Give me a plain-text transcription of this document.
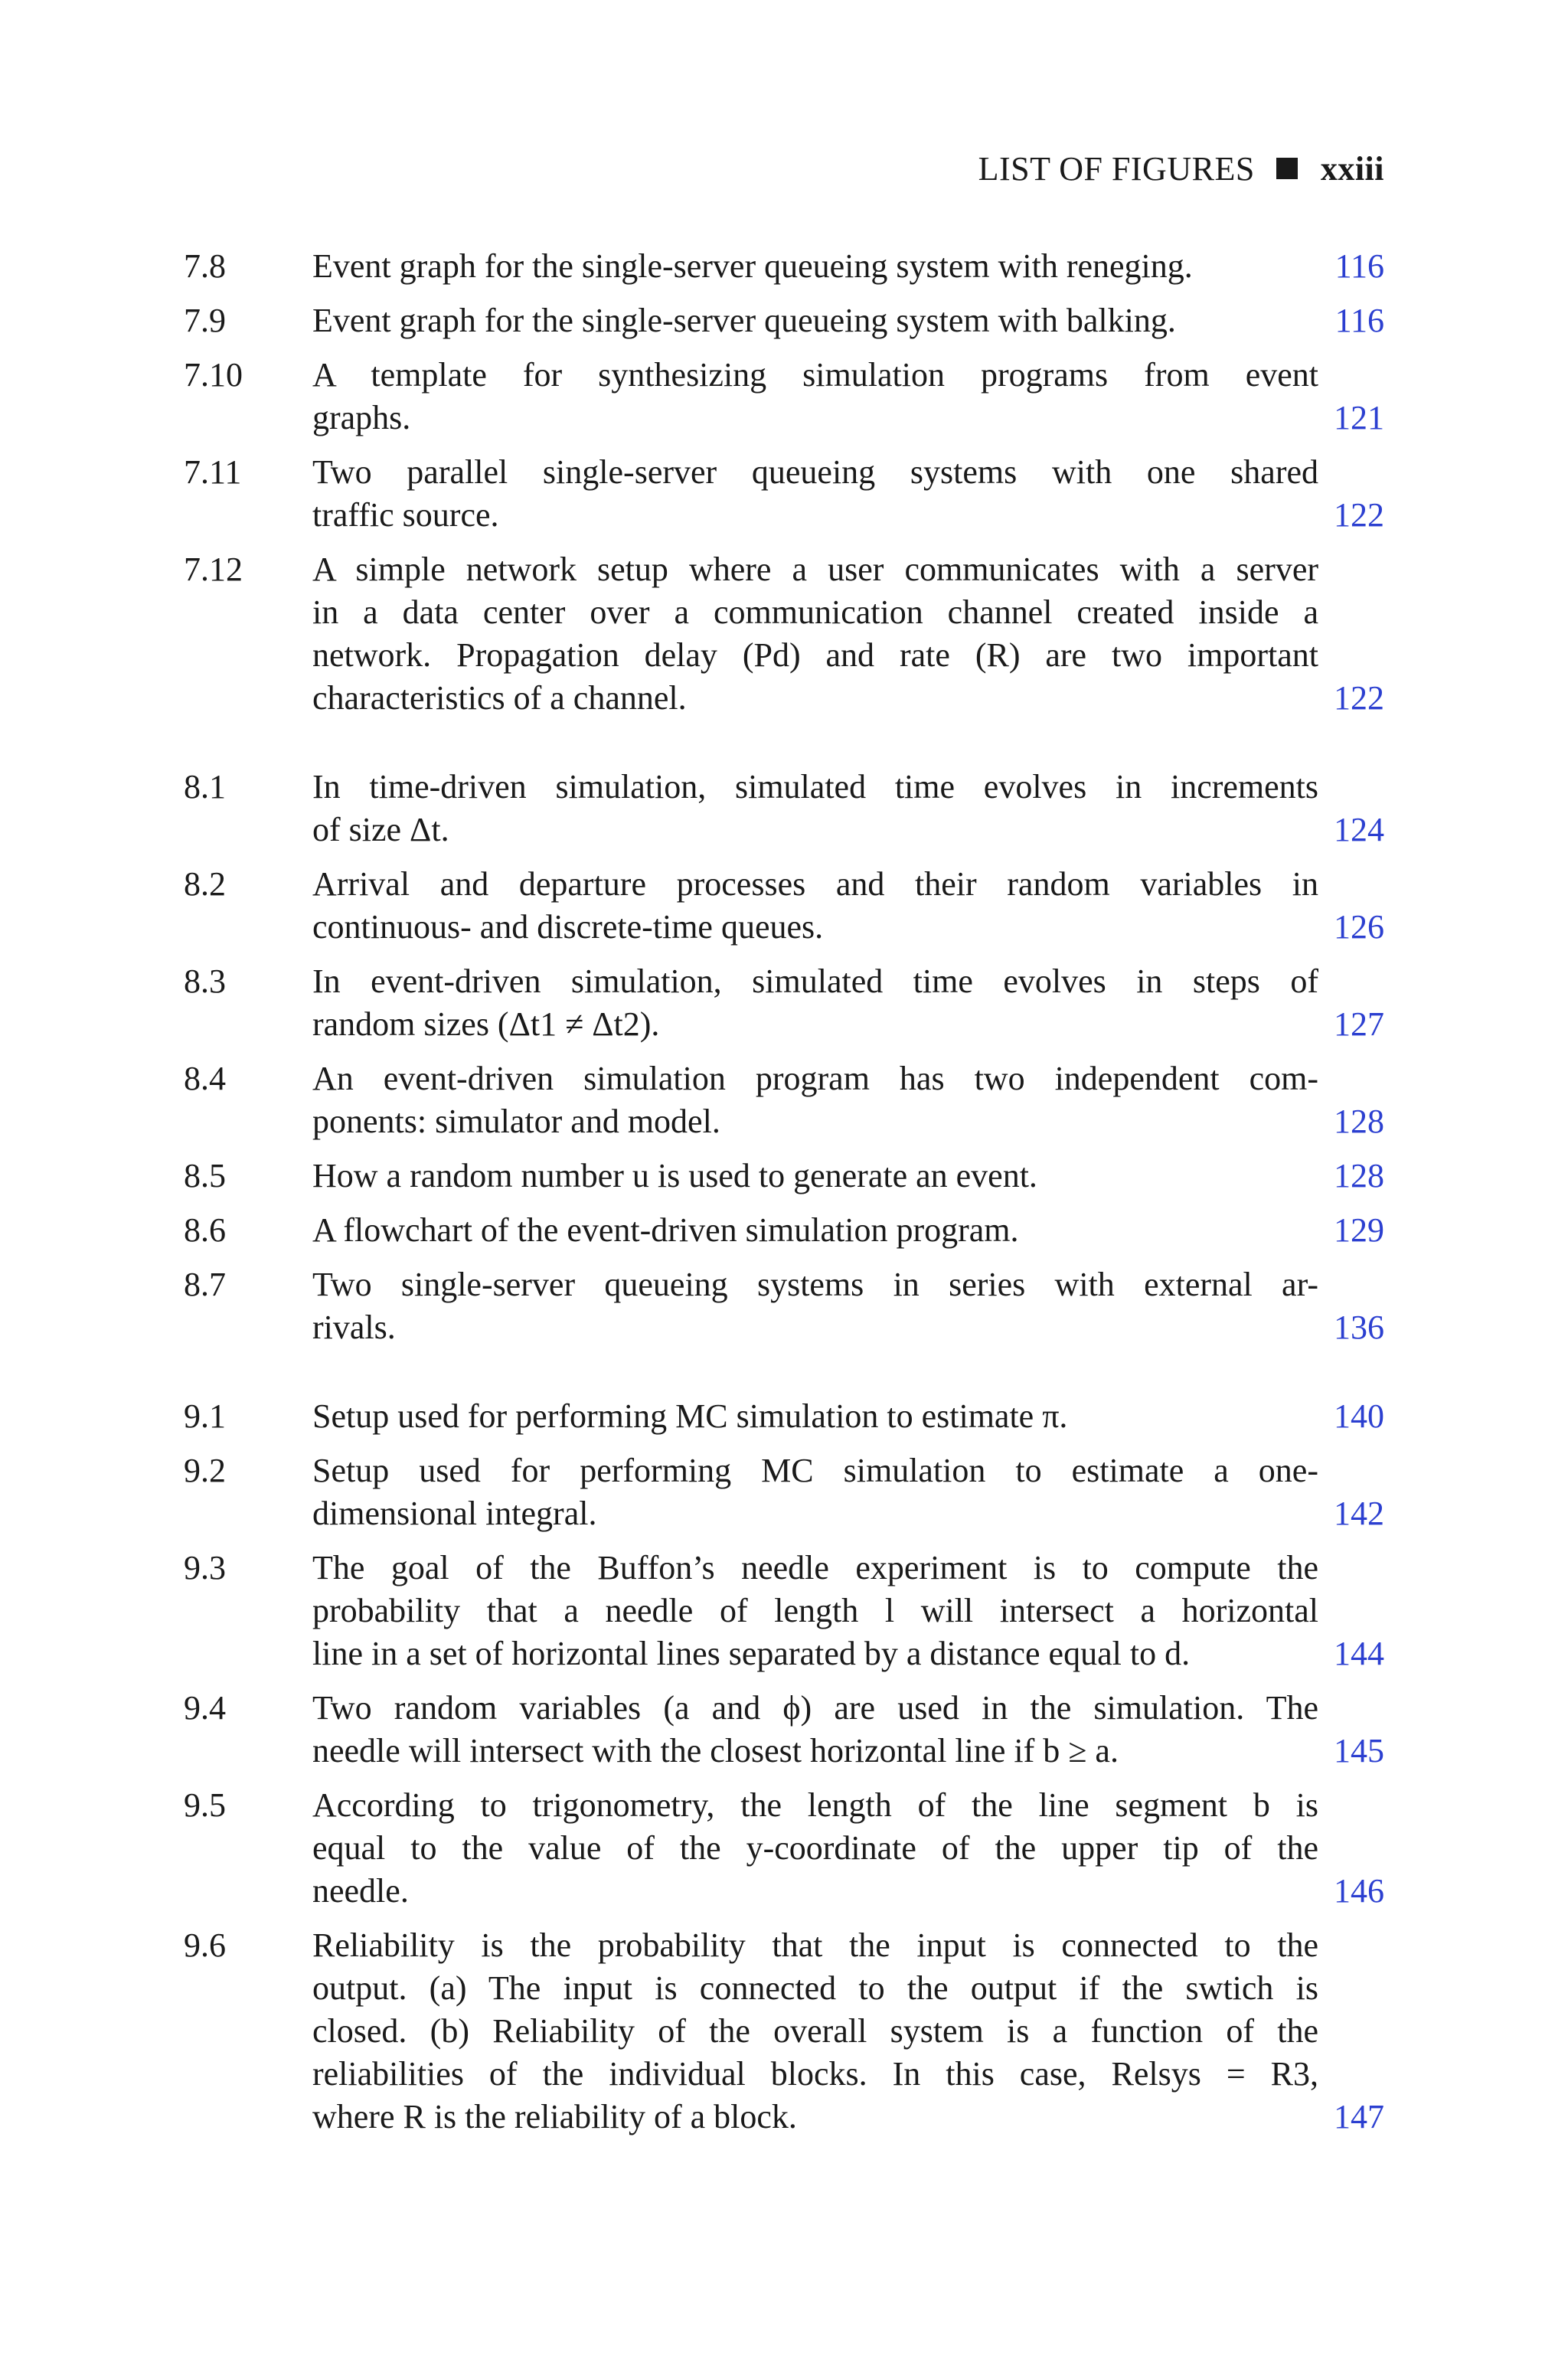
LIST OF FIGURES xxiii
7.8	Event graph for the single-server queueing system with reneging.	116
7.9	Event graph for the single-server queueing system with balking.	116
7.10	A template for synthesizing simulation programs from event
graphs.	121
7.11	Two parallel single-server queueing systems with one shared
traffic source.	122
7.12	A simple network setup where a user communicates with a server
in a data center over a communication channel created inside a
network. Propagation delay (Pd) and rate (R) are two important
characteristics of a channel.	122
8.1	In time-driven simulation, simulated time evolves in increments
of size Δt.	124
8.2	Arrival and departure processes and their random variables in
continuous- and discrete-time queues.	126
8.3	In event-driven simulation, simulated time evolves in steps of
random sizes (Δt1 ≠ Δt2).	127
8.4	An event-driven simulation program has two independent com-
ponents: simulator and model.	128
8.5	How a random number u is used to generate an event.	128
8.6	A flowchart of the event-driven simulation program.	129
8.7	Two single-server queueing systems in series with external ar-
rivals.	136
9.1	Setup used for performing MC simulation to estimate π.	140
9.2	Setup used for performing MC simulation to estimate a one-
dimensional integral.	142
9.3	The goal of the Buffon’s needle experiment is to compute the
probability that a needle of length l will intersect a horizontal
line in a set of horizontal lines separated by a distance equal to d.	144
9.4	Two random variables (a and ϕ) are used in the simulation. The
needle will intersect with the closest horizontal line if b ≥ a.	145
9.5	According to trigonometry, the length of the line segment b is
equal to the value of the y-coordinate of the upper tip of the
needle.	146
9.6	Reliability is the probability that the input is connected to the
output. (a) The input is connected to the output if the swtich is
closed. (b) Reliability of the overall system is a function of the
reliabilities of the individual blocks. In this case, Relsys = R3,
where R is the reliability of a block.	147
